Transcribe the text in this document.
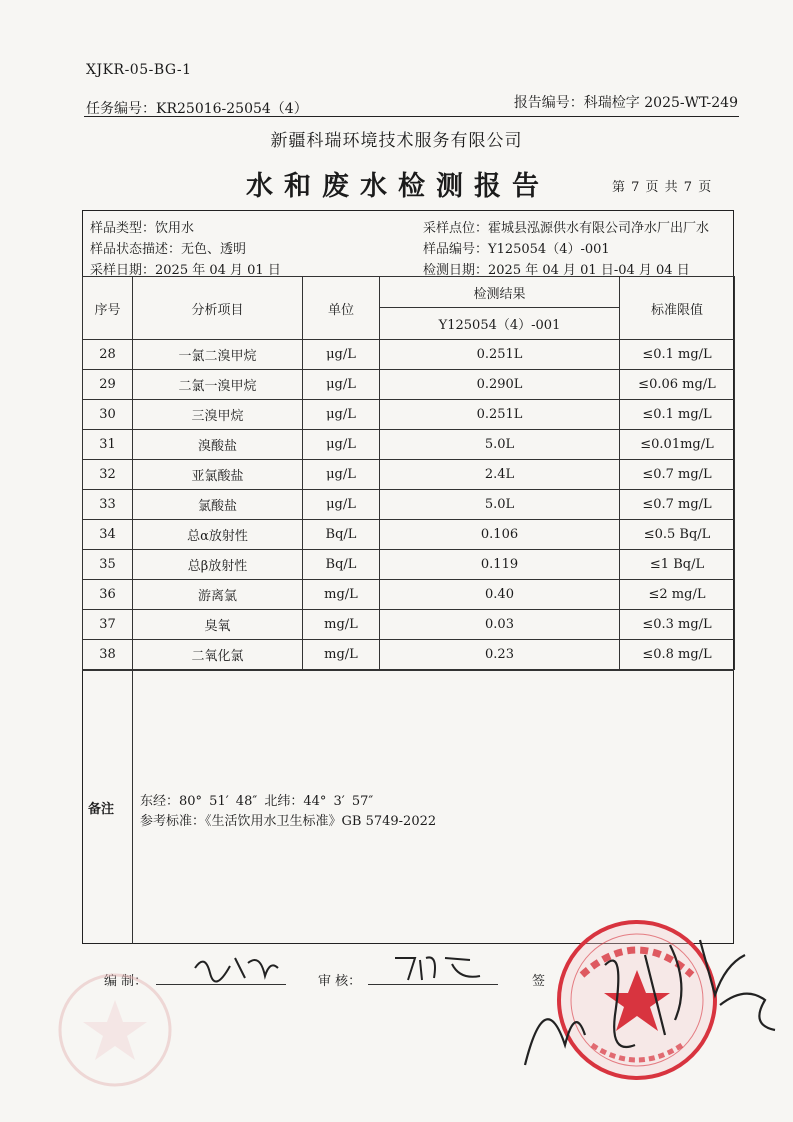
XJKR-05-BG-1
任务编号：KR25016-25054（4）	报告编号：科瑞检字 2025-WT-249
新疆科瑞环境技术服务有限公司
水和废水检测报告	第 7 页 共 7 页
样品类型：饮用水
样品状态描述：无色、透明
采样日期：2025 年 04 月 01 日
采样点位：霍城县泓源供水有限公司净水厂出厂水
样品编号：Y125054（4）-001
检测日期：2025 年 04 月 01 日-04 月 04 日
序号	分析项目	单位	检测结果	标准限值
			Y125054（4）-001	
28	一氯二溴甲烷	μg/L	0.251L	≤0.1 mg/L
29	二氯一溴甲烷	μg/L	0.290L	≤0.06 mg/L
30	三溴甲烷	μg/L	0.251L	≤0.1 mg/L
31	溴酸盐	μg/L	5.0L	≤0.01mg/L
32	亚氯酸盐	μg/L	2.4L	≤0.7 mg/L
33	氯酸盐	μg/L	5.0L	≤0.7 mg/L
34	总α放射性	Bq/L	0.106	≤0.5 Bq/L
35	总β放射性	Bq/L	0.119	≤1 Bq/L
36	游离氯	mg/L	0.40	≤2 mg/L
37	臭氧	mg/L	0.03	≤0.3 mg/L
38	二氧化氯	mg/L	0.23	≤0.8 mg/L
备注
东经：80° 51′ 48″ 北纬：44° 3′ 57″
参考标准：《生活饮用水卫生标准》GB 5749-2022
编 制：	审 核：	签
